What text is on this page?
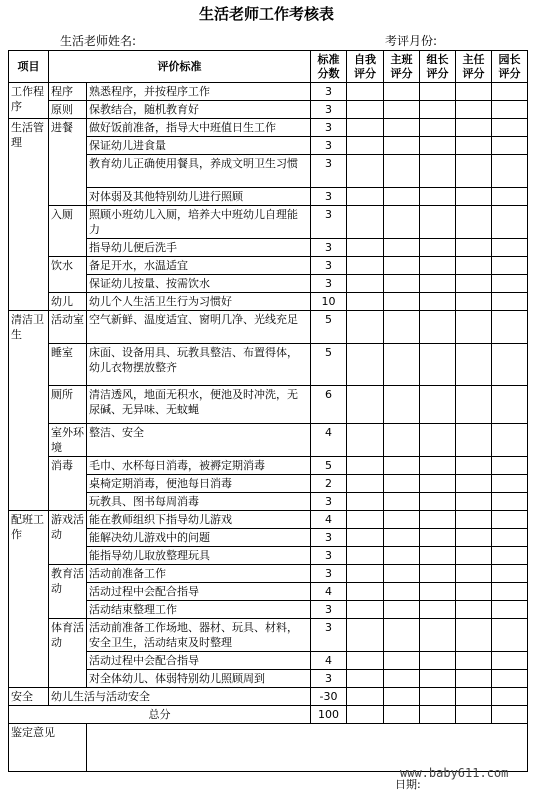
生活老师工作考核表
生活老师姓名:	考评月份:
项目	评价标准		标准分数	自我评分	主班评分	组长评分	主任评分	园长评分
工作程序	程序	熟悉程序，并按程序工作	3					
	原则	保教结合，随机教育好	3					
生活管理	进餐	做好饭前准备，指导大中班值日生工作	3					
		保证幼儿进食量	3					
		教育幼儿正确使用餐具，养成文明卫生习惯	3					
		对体弱及其他特别幼儿进行照顾	3					
	入厕	照顾小班幼儿入厕，培养大中班幼儿自理能力	3					
		指导幼儿便后洗手	3					
	饮水	备足开水，水温适宜	3					
		保证幼儿按量、按需饮水	3					
	幼儿	幼儿个人生活卫生行为习惯好	10					
清洁卫生	活动室	空气新鲜、温度适宜、窗明几净、光线充足	5					
	睡室	床面、设备用具、玩教具整洁、布置得体，幼儿衣物摆放整齐	5					
	厕所	清洁透风，地面无积水，便池及时冲洗，无尿碱、无异味、无蚊蝇	6					
	室外环境	整洁、安全	4					
	消毒	毛巾、水杯每日消毒，被褥定期消毒	5					
		桌椅定期消毒，便池每日消毒	2					
		玩教具、图书每周消毒	3					
配班工作	游戏活动	能在教师组织下指导幼儿游戏	4					
		能解决幼儿游戏中的问题	3					
		能指导幼儿取放整理玩具	3					
	教育活动	活动前准备工作	3					
		活动过程中会配合指导	4					
		活动结束整理工作	3					
	体育活动	活动前准备工作场地、器材、玩具、材料，安全卫生，活动结束及时整理	3					
		活动过程中会配合指导	4					
		对全体幼儿、体弱特别幼儿照顾周到	3					
安全	幼儿生活与活动安全		-30					
总分			100					
鉴定意见								
日期:
www.baby611.com
